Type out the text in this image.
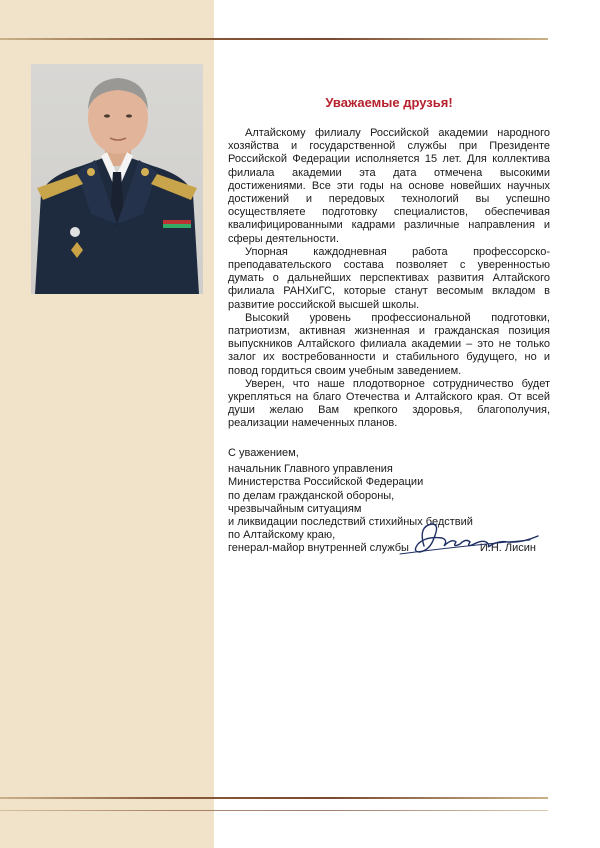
Уважаемые друзья!

Алтайскому филиалу Российской академии народного хозяйства и государственной службы при Президенте Российской Федерации исполняется 15 лет. Для коллектива филиала академии эта дата отмечена высокими достижениями. Все эти годы на основе новейших научных достижений и передовых технологий вы успешно осуществляете подготовку специалистов, обеспечивая квалифицированными кадрами различные направления и сферы деятельности.

Упорная каждодневная работа профессорско-преподавательского состава позволяет с уверенностью думать о дальнейших перспективах развития Алтайского филиала РАНХиГС, которые станут весомым вкладом в развитие российской высшей школы.

Высокий уровень профессиональной подготовки, патриотизм, активная жизненная и гражданская позиция выпускников Алтайского филиала академии – это не только залог их востребованности и стабильного будущего, но и повод гордиться своим учебным заведением.

Уверен, что наше плодотворное сотрудничество будет укрепляться на благо Отечества и Алтайского края. От всей души желаю Вам крепкого здоровья, благополучия, реализации намеченных планов.

С уважением,
начальник Главного управления
Министерства Российской Федерации
по делам гражданской обороны,
чрезвычайным ситуациям
и ликвидации последствий стихийных бедствий
по Алтайскому краю,
генерал-майор внутренней службы	И.Н. Лисин
